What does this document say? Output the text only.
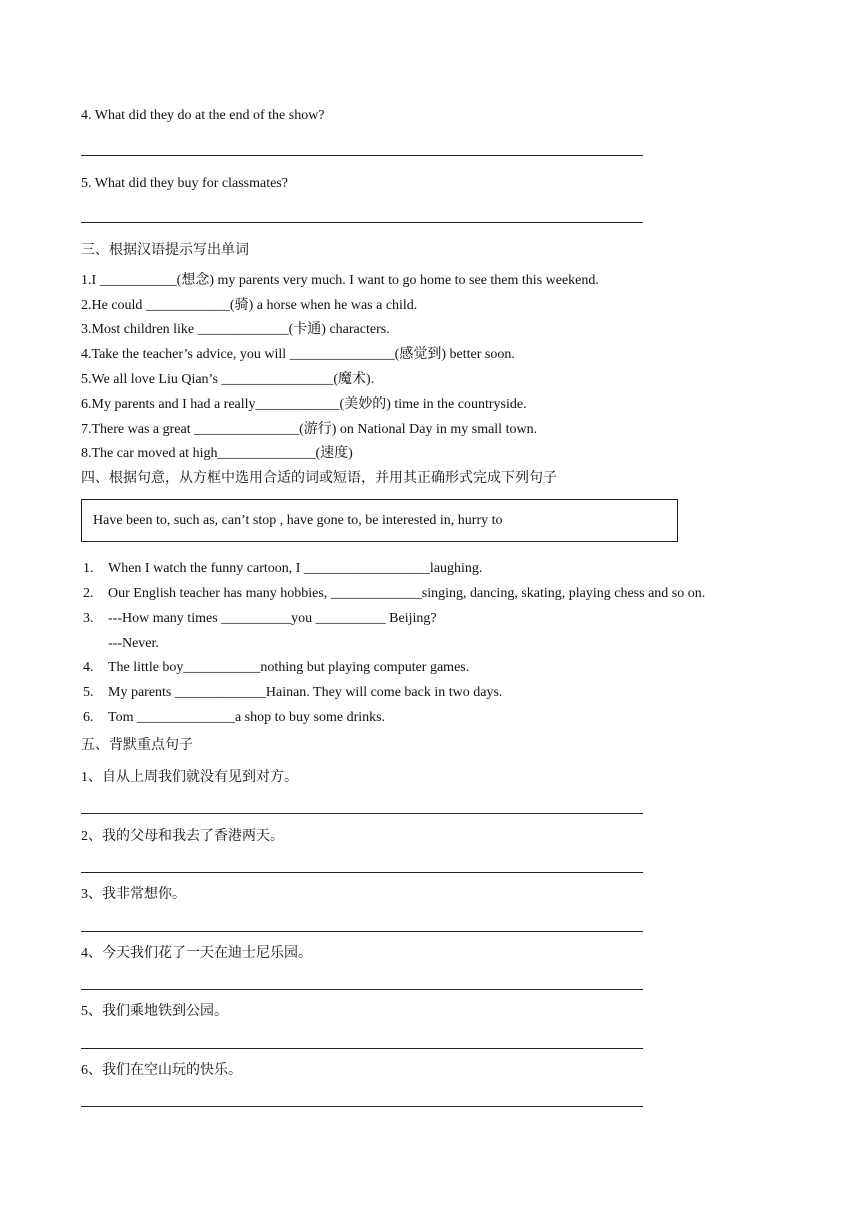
4. What did they do at the end of the show?
5. What did they buy for classmates?
三、根据汉语提示写出单词
1.I ___________(想念) my parents very much. I want to go home to see them this weekend.
2.He could ____________(骑) a horse when he was a child.
3.Most children like _____________(卡通) characters.
4.Take the teacher’s advice, you will _______________(感觉到) better soon.
5.We all love Liu Qian’s ________________(魔术).
6.My parents and I had a really____________(美妙的) time in the countryside.
7.There was a great _______________(游行) on National Day in my small town.
8.The car moved at high______________(速度)
四、根据句意，从方框中选用合适的词或短语，并用其正确形式完成下列句子
Have been to, such as, can’t stop , have gone to, be interested in, hurry to
1. When I watch the funny cartoon, I __________________laughing.
2. Our English teacher has many hobbies, _____________singing, dancing, skating, playing chess and so on.
3. ---How many times __________you __________ Beijing?
---Never.
4. The little boy___________nothing but playing computer games.
5. My parents _____________Hainan. They will come back in two days.
6. Tom ______________a shop to buy some drinks.
五、背默重点句子
1、自从上周我们就没有见到对方。
2、我的父母和我去了香港两天。
3、我非常想你。
4、今天我们花了一天在迪士尼乐园。
5、我们乘地铁到公园。
6、我们在空山玩的快乐。
